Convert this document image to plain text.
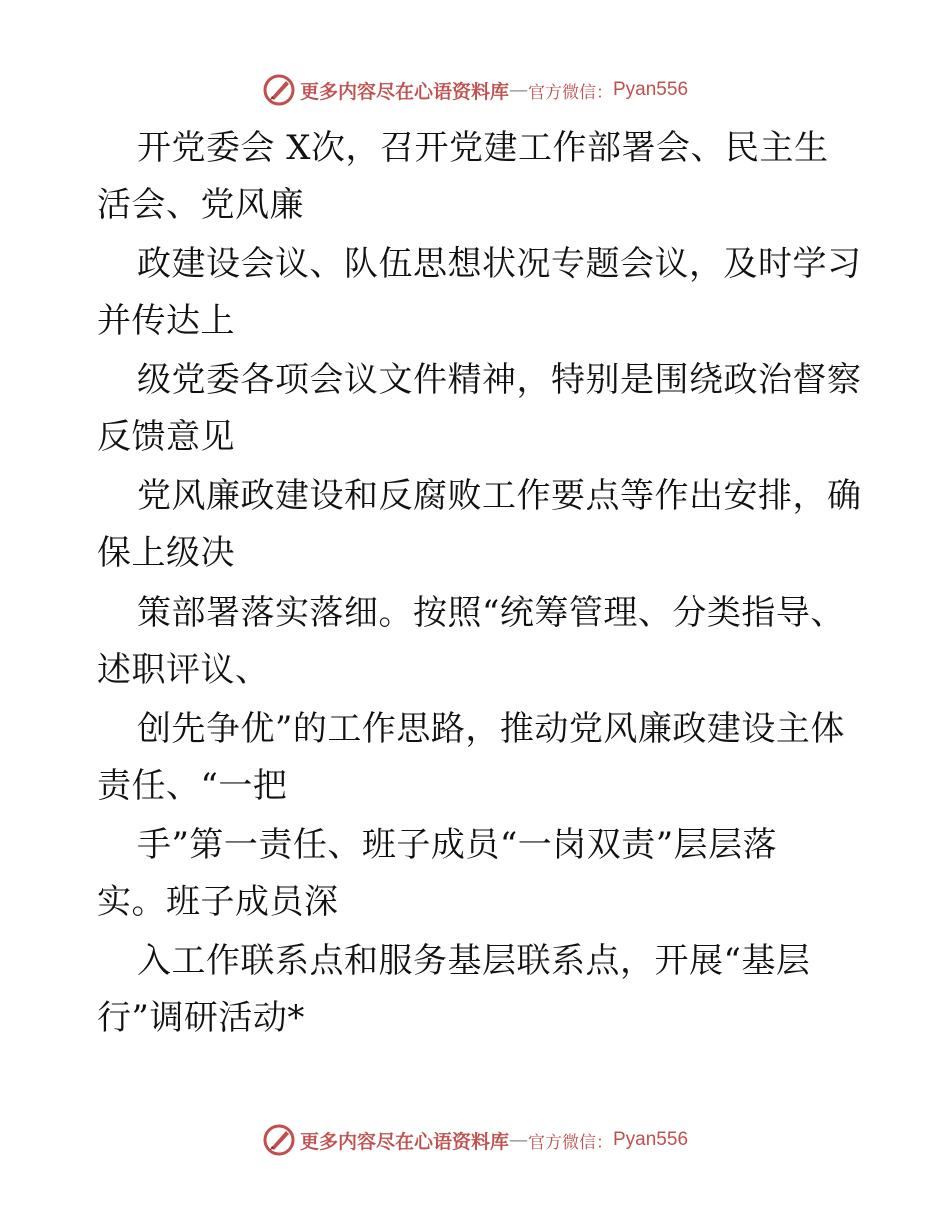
更多内容尽在心语资料库 — 官方微信： Pyan556
开党委会 X次，召开党建工作部署会、民主生
活会、党风廉
政建设会议、队伍思想状况专题会议，及时学习
并传达上
级党委各项会议文件精神，特别是围绕政治督察
反馈意见
党风廉政建设和反腐败工作要点等作出安排，确
保上级决
策部署落实落细。按照“统筹管理、分类指导、
述职评议、
创先争优”的工作思路，推动党风廉政建设主体
责任、“一把
手”第一责任、班子成员“一岗双责”层层落
实。班子成员深
入工作联系点和服务基层联系点，开展“基层
行”调研活动*
更多内容尽在心语资料库 — 官方微信： Pyan556
